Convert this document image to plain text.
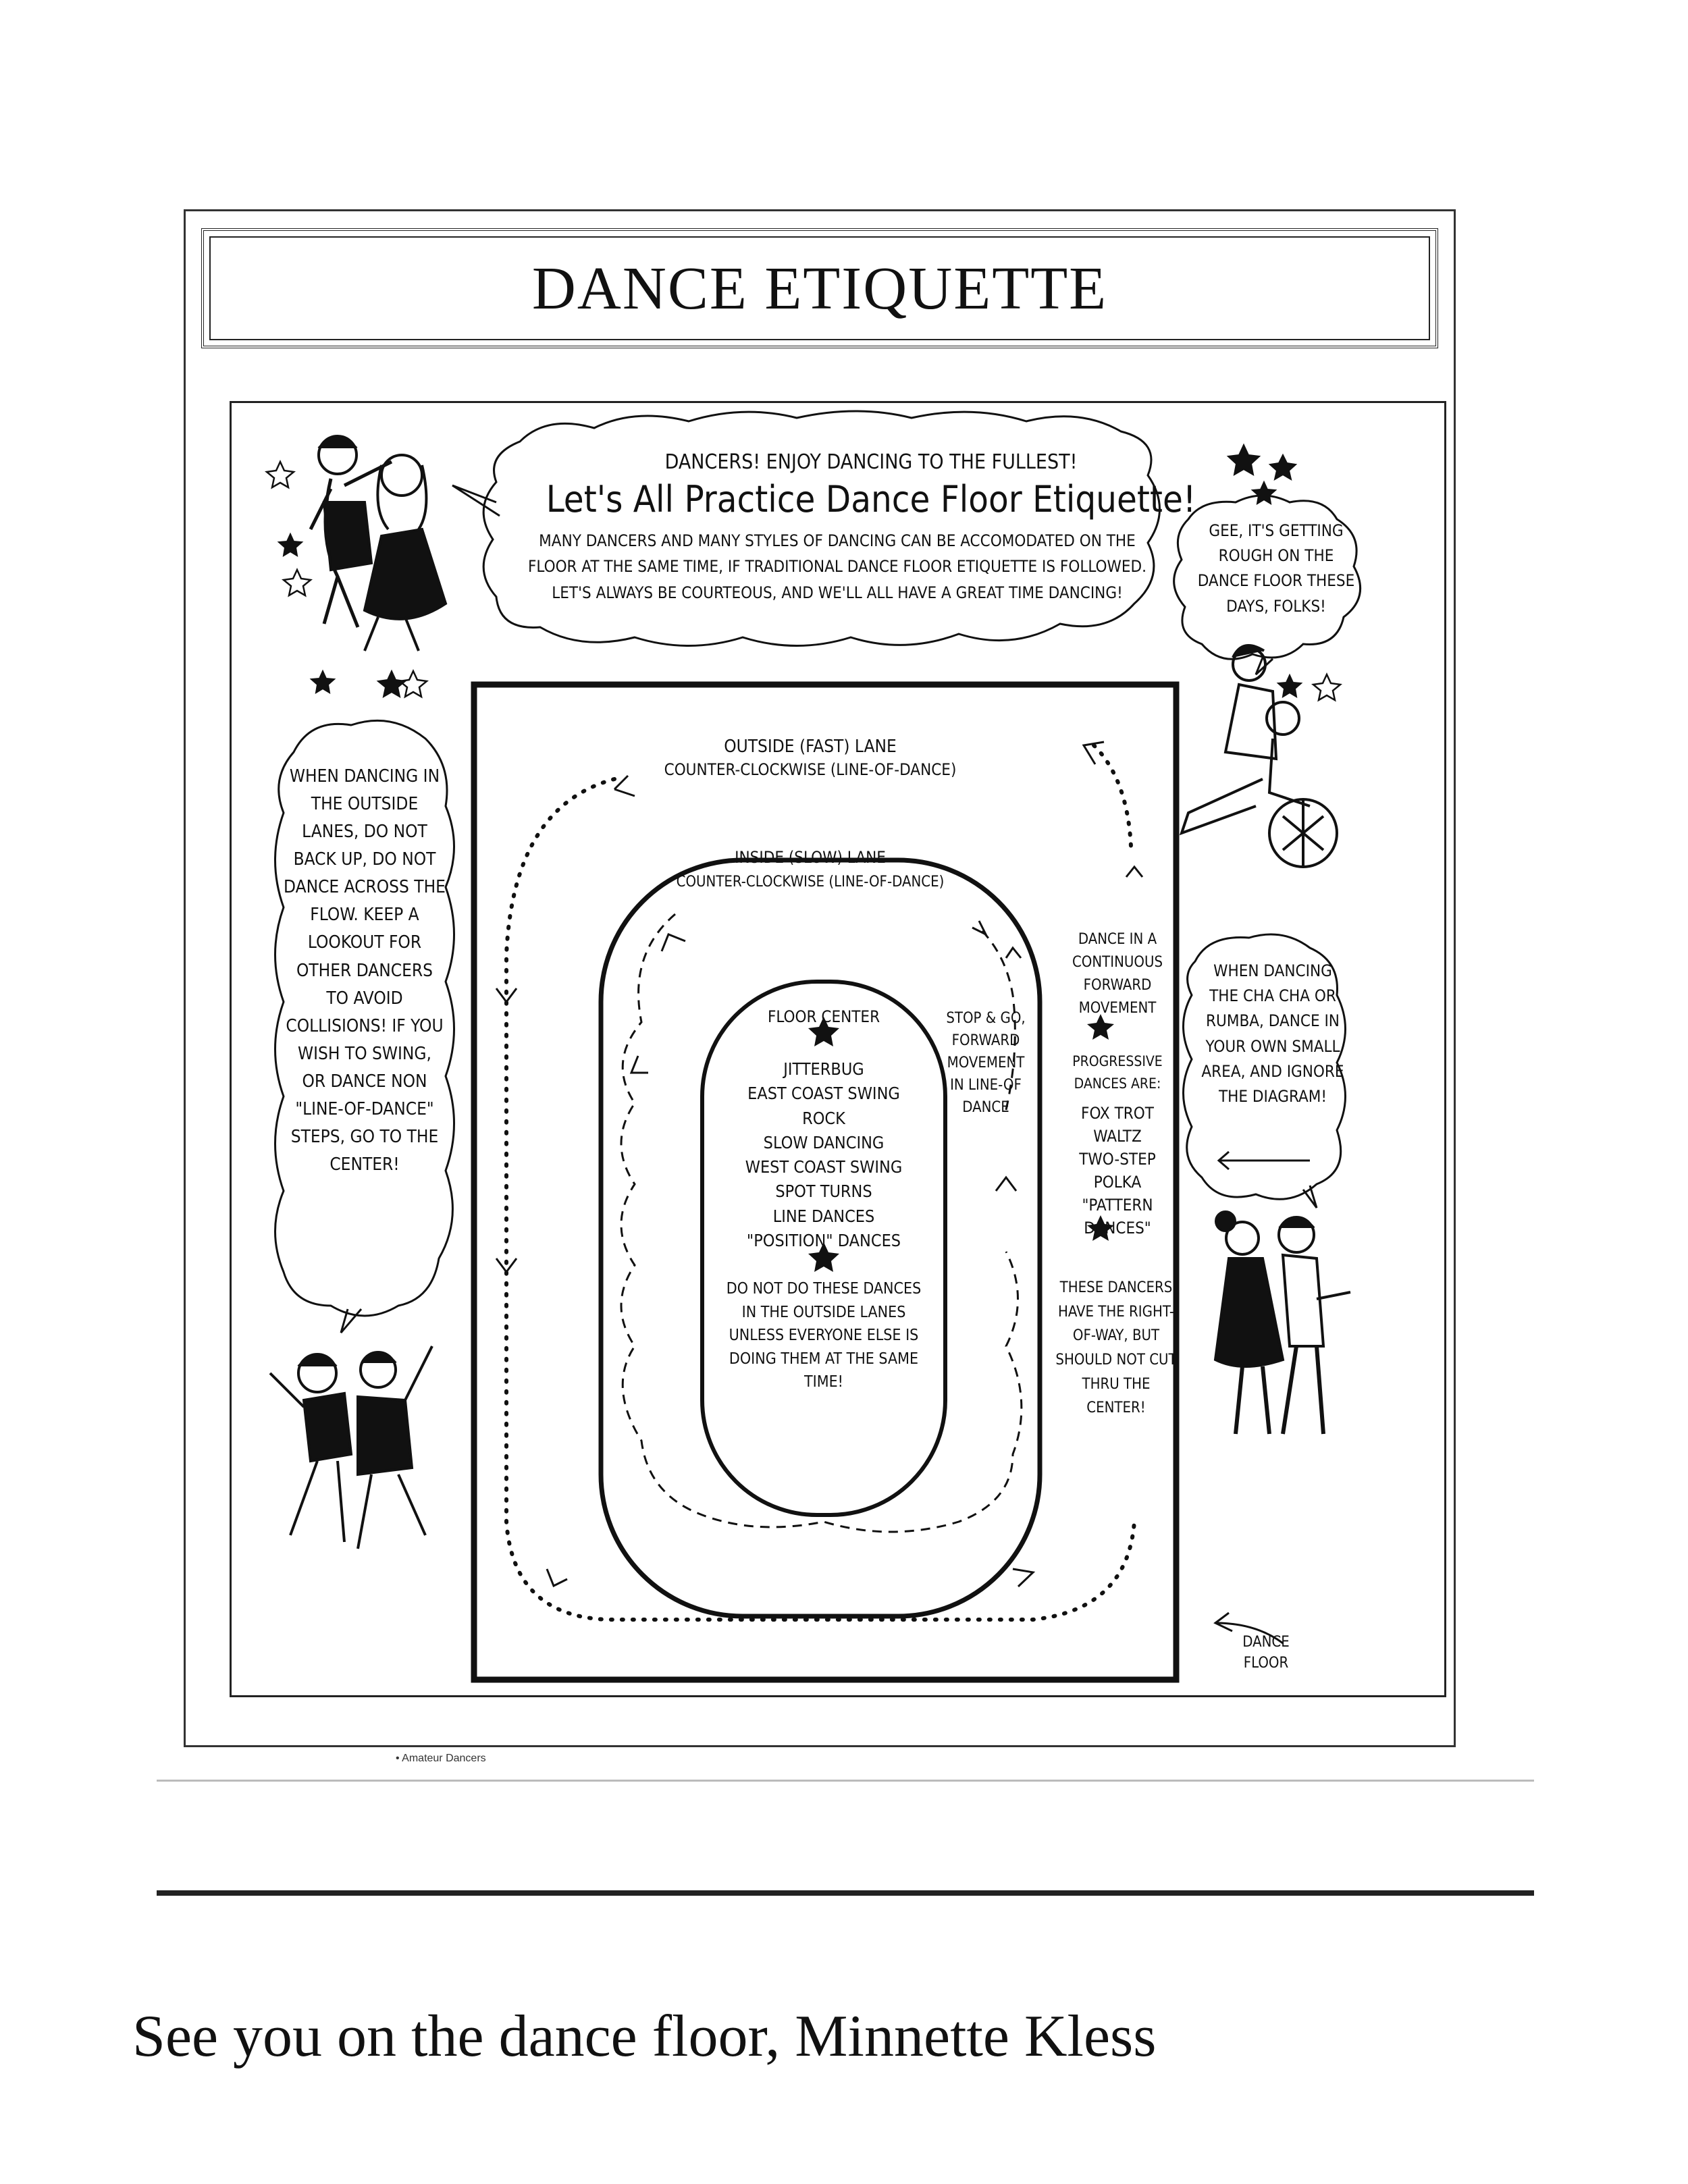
DANCE ETIQUETTE
DANCERS! ENJOY DANCING TO THE FULLEST!
Let's All Practice Dance Floor Etiquette!
MANY DANCERS AND MANY STYLES OF DANCING CAN BE ACCOMODATED ON THE FLOOR AT THE SAME TIME, IF TRADITIONAL DANCE FLOOR ETIQUETTE IS FOLLOWED. LET'S ALWAYS BE COURTEOUS, AND WE'LL ALL HAVE A GREAT TIME DANCING!
GEE, IT'S GETTING ROUGH ON THE DANCE FLOOR THESE DAYS, FOLKS!
WHEN DANCING IN THE OUTSIDE LANES, DO NOT BACK UP, DO NOT DANCE ACROSS THE FLOW. KEEP A LOOKOUT FOR OTHER DANCERS TO AVOID COLLISIONS! IF YOU WISH TO SWING, OR DANCE NON "LINE-OF-DANCE" STEPS, GO TO THE CENTER!
WHEN DANCING THE CHA CHA OR RUMBA, DANCE IN YOUR OWN SMALL AREA, AND IGNORE THE DIAGRAM!
OUTSIDE (FAST) LANE
COUNTER-CLOCKWISE (LINE-OF-DANCE)
INSIDE (SLOW) LANE
COUNTER-CLOCKWISE (LINE-OF-DANCE)
FLOOR CENTER
JITTERBUG
EAST COAST SWING
ROCK
SLOW DANCING
WEST COAST SWING
SPOT TURNS
LINE DANCES
"POSITION" DANCES
DO NOT DO THESE DANCES IN THE OUTSIDE LANES UNLESS EVERYONE ELSE IS DOING THEM AT THE SAME TIME!
STOP & GO, FORWARD MOVEMENT IN LINE-OF DANCE
DANCE IN A CONTINUOUS FORWARD MOVEMENT
PROGRESSIVE DANCES ARE:
FOX TROT
WALTZ
TWO-STEP
POLKA
"PATTERN DANCES"
THESE DANCERS HAVE THE RIGHT-OF-WAY, BUT SHOULD NOT CUT THRU THE CENTER!
DANCE FLOOR
• Amateur Dancers
See you on the dance floor, Minnette Kless
